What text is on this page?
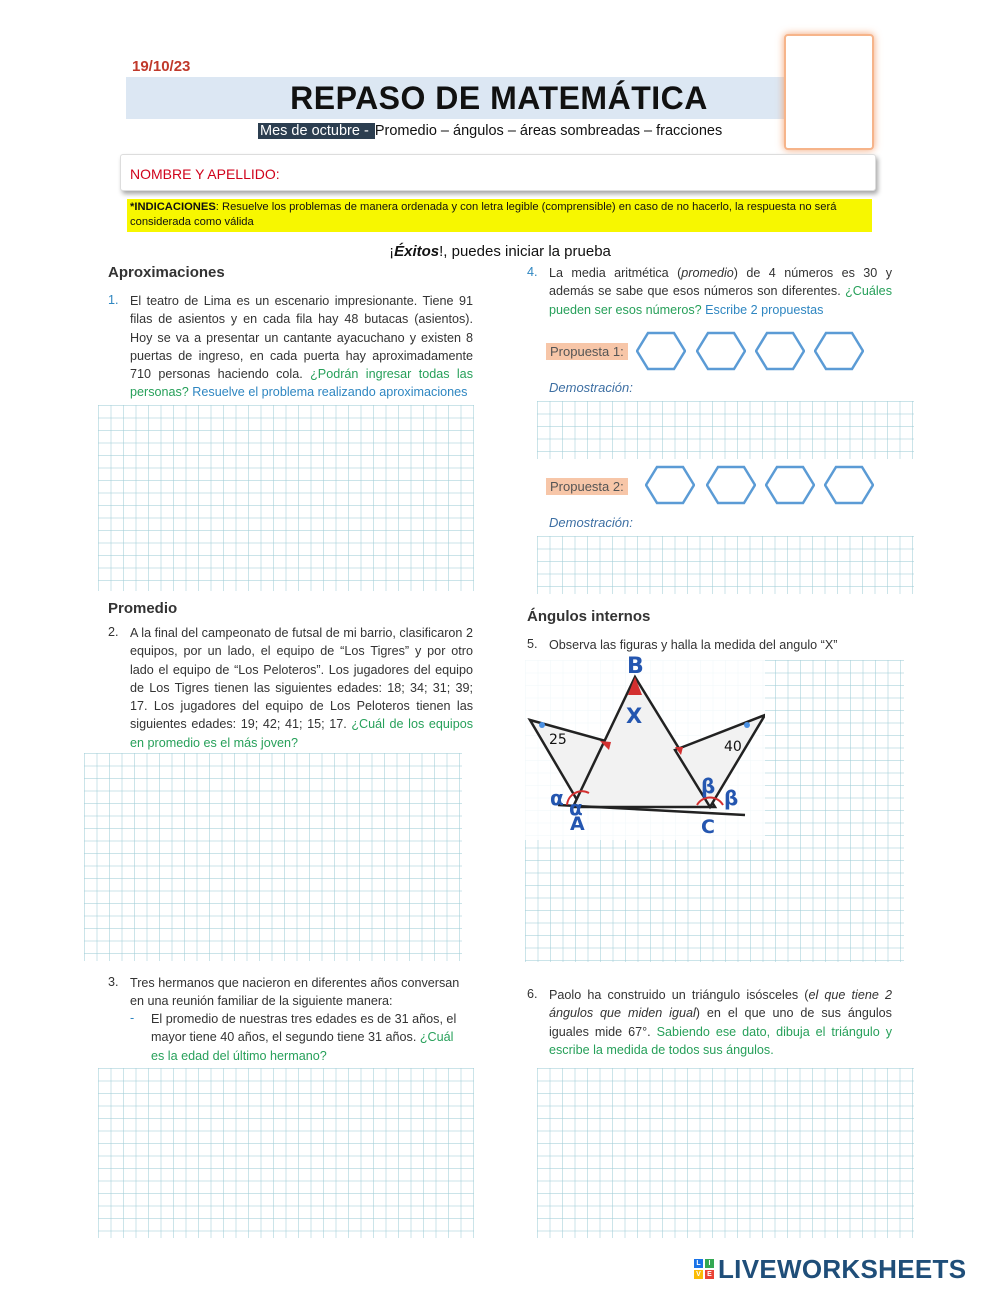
19/10/23
REPASO DE MATEMÁTICA
Mes de octubre - Promedio – ángulos – áreas sombreadas – fracciones
NOMBRE Y APELLIDO:
*INDICACIONES: Resuelve los problemas de manera ordenada y con letra legible (comprensible) en caso de no hacerlo, la respuesta no será considerada como válida
¡Éxitos!, puedes iniciar la prueba
Aproximaciones
1. El teatro de Lima es un escenario impresionante. Tiene 91 filas de asientos y en cada fila hay 48 butacas (asientos). Hoy se va a presentar un cantante ayacuchano y existen 8 puertas de ingreso, en cada puerta hay aproximadamente 710 personas haciendo cola. ¿Podrán ingresar todas las personas? Resuelve el problema realizando aproximaciones
Promedio
2. A la final del campeonato de futsal de mi barrio, clasificaron 2 equipos, por un lado, el equipo de “Los Tigres” y por otro lado el equipo de “Los Peloteros”. Los jugadores del equipo de Los Tigres tienen las siguientes edades: 18; 34; 31; 39; 17. Los jugadores del equipo de Los Peloteros tienen las siguientes edades: 19; 42; 41; 15; 17. ¿Cuál de los equipos en promedio es el más joven?
3. Tres hermanos que nacieron en diferentes años conversan en una reunión familiar de la siguiente manera:
- El promedio de nuestras tres edades es de 31 años, el mayor tiene 40 años, el segundo tiene 31 años. ¿Cuál es la edad del último hermano?
4. La media aritmética (promedio) de 4 números es 30 y además se sabe que esos números son diferentes. ¿Cuáles pueden ser esos números? Escribe 2 propuestas
Propuesta 1:
Demostración:
Propuesta 2:
Demostración:
Ángulos internos
5. Observa las figuras y halla la medida del angulo “X”
B
X
25	40
α
α	β β
A	C
6. Paolo ha construido un triángulo isósceles (el que tiene 2 ángulos que miden igual) en el que uno de sus ángulos iguales mide 67°. Sabiendo ese dato, dibuja el triángulo y escribe la medida de todos sus ángulos.
L	I
V E LIVEWORKSHEETS
